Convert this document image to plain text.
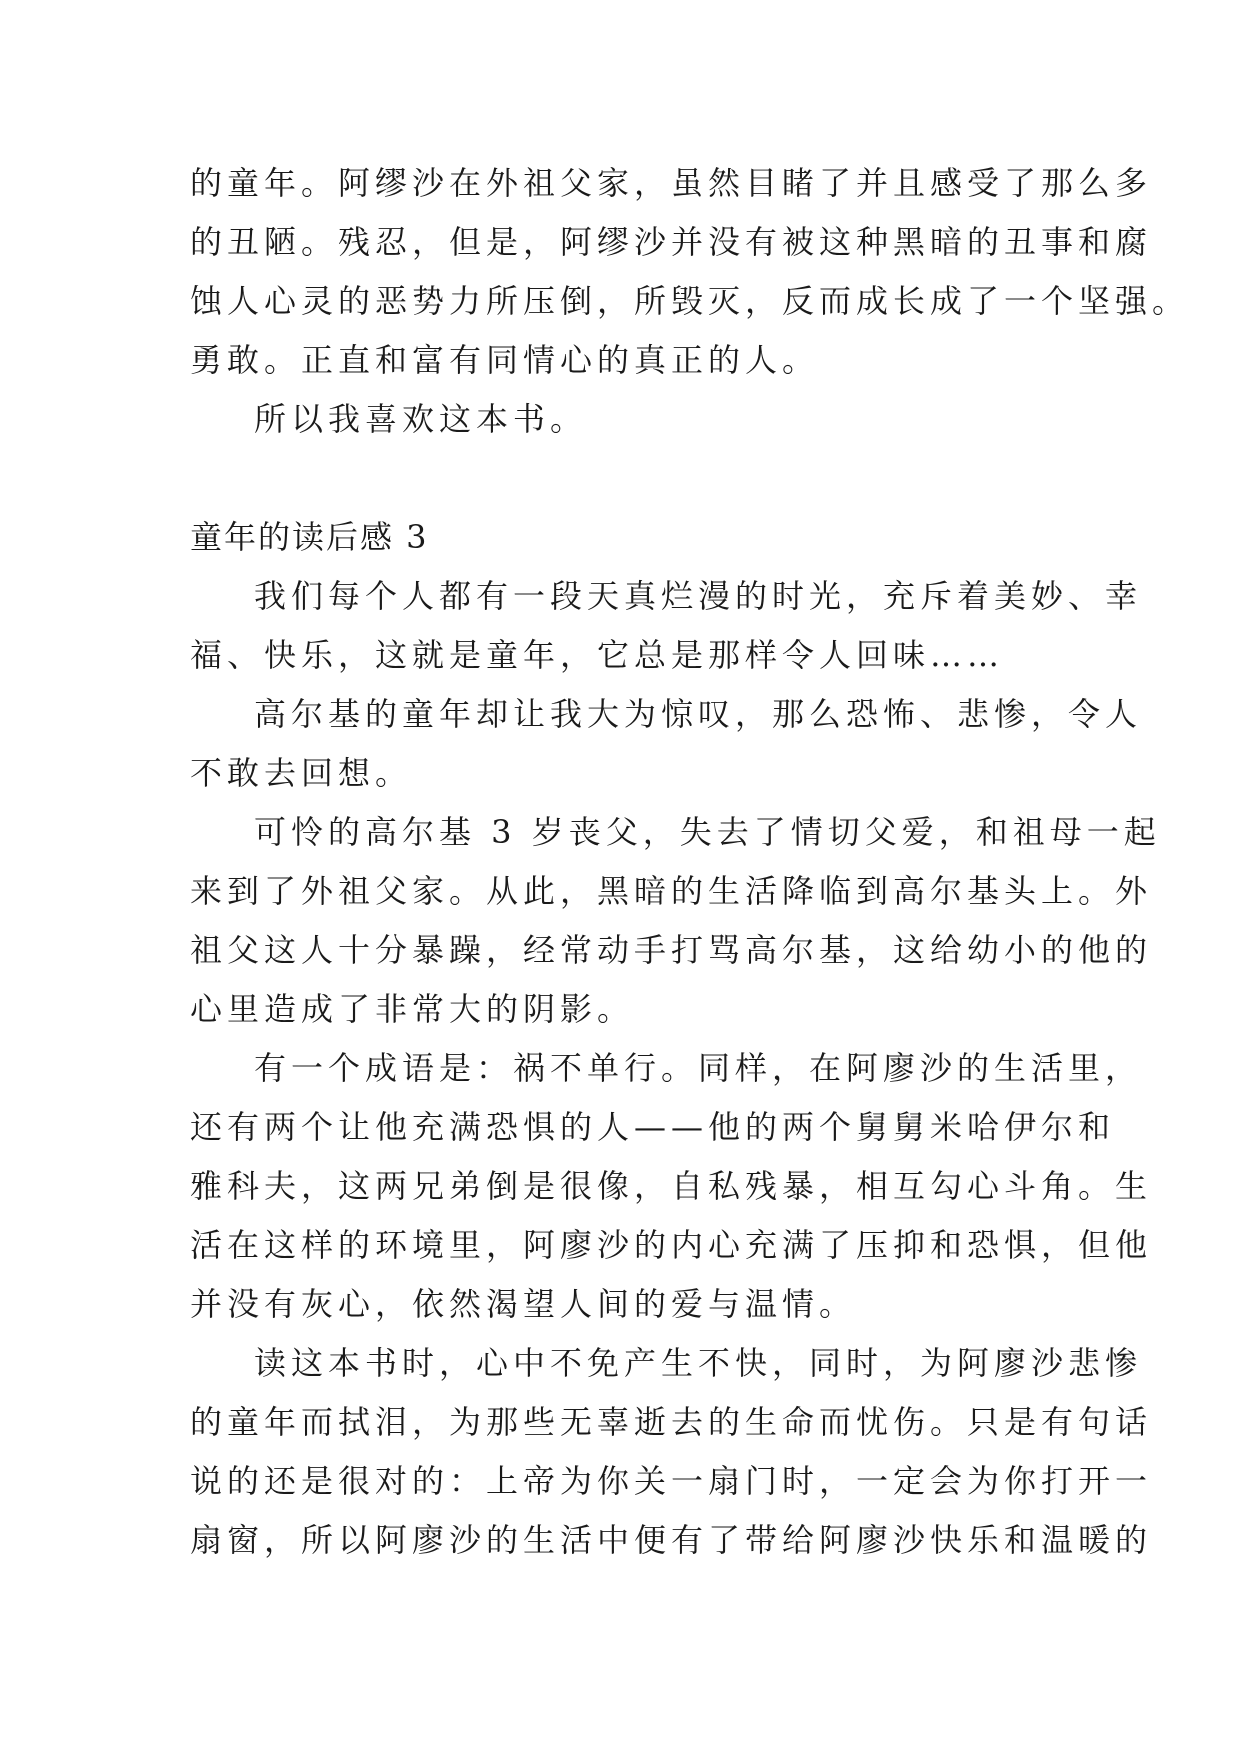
的童年。阿缪沙在外祖父家，虽然目睹了并且感受了那么多
的丑陋。残忍，但是，阿缪沙并没有被这种黑暗的丑事和腐
蚀人心灵的恶势力所压倒，所毁灭，反而成长成了一个坚强。
勇敢。正直和富有同情心的真正的人。
所以我喜欢这本书。
童年的读后感 3
我们每个人都有一段天真烂漫的时光，充斥着美妙、幸
福、快乐，这就是童年，它总是那样令人回味……
高尔基的童年却让我大为惊叹，那么恐怖、悲惨，令人
不敢去回想。
可怜的高尔基 3 岁丧父，失去了情切父爱，和祖母一起
来到了外祖父家。从此，黑暗的生活降临到高尔基头上。外
祖父这人十分暴躁，经常动手打骂高尔基，这给幼小的他的
心里造成了非常大的阴影。
有一个成语是：祸不单行。同样，在阿廖沙的生活里，
还有两个让他充满恐惧的人——他的两个舅舅米哈伊尔和
雅科夫，这两兄弟倒是很像，自私残暴，相互勾心斗角。生
活在这样的环境里，阿廖沙的内心充满了压抑和恐惧，但他
并没有灰心，依然渴望人间的爱与温情。
读这本书时，心中不免产生不快，同时，为阿廖沙悲惨
的童年而拭泪，为那些无辜逝去的生命而忧伤。只是有句话
说的还是很对的：上帝为你关一扇门时，一定会为你打开一
扇窗，所以阿廖沙的生活中便有了带给阿廖沙快乐和温暖的
